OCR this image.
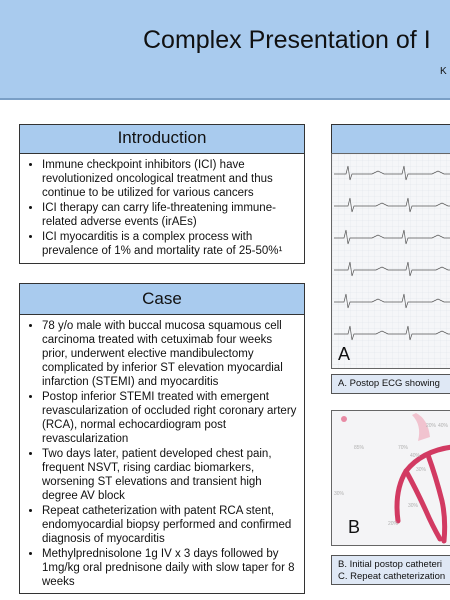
Complex Presentation of I
K
Introduction
• Immune checkpoint inhibitors (ICI) have revolutionized oncological treatment and thus continue to be utilized for various cancers
• ICI therapy can carry life-threatening immune-related adverse events (irAEs)
• ICI myocarditis is a complex process with prevalence of 1% and mortality rate of 25-50%¹
Case
• 78 y/o male with buccal mucosa squamous cell carcinoma treated with cetuximab four weeks prior, underwent elective mandibulectomy complicated by inferior ST elevation myocardial infarction (STEMI) and myocarditis
• Postop inferior STEMI treated with emergent revascularization of occluded right coronary artery (RCA), normal echocardiogram post revascularization
• Two days later, patient developed chest pain, frequent NSVT, rising cardiac biomarkers, worsening ST elevations and transient high degree AV block
• Repeat catheterization with patent RCA stent, endomyocardial biopsy performed and confirmed diagnosis of myocarditis
• Methylprednisolone 1g IV x 3 days followed by 1mg/kg oral prednisone daily with slow taper for 8 weeks
A
A. Postop ECG showing
20% 40%
85%	70%
40%
30%
30%
30%
20%
B
B. Initial postop catheteri
C. Repeat catheterization
